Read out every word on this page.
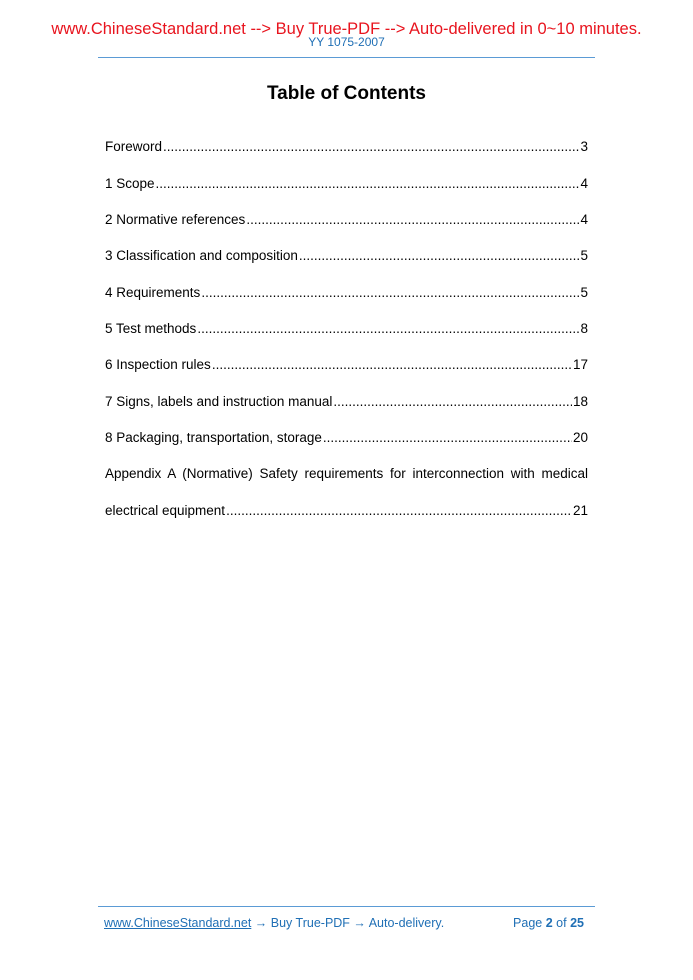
www.ChineseStandard.net --> Buy True-PDF --> Auto-delivered in 0~10 minutes.
YY 1075-2007
Table of Contents
Foreword .....	3
1 Scope .....	4
2 Normative references .....	4
3 Classification and composition .....	5
4 Requirements .....	5
5 Test methods .....	8
6 Inspection rules .....	17
7 Signs, labels and instruction manual .....	18
8 Packaging, transportation, storage .....	20
Appendix A (Normative) Safety requirements for interconnection with medical
electrical equipment .....	21
www.ChineseStandard.net → Buy True-PDF → Auto-delivery.	Page 2 of 25
